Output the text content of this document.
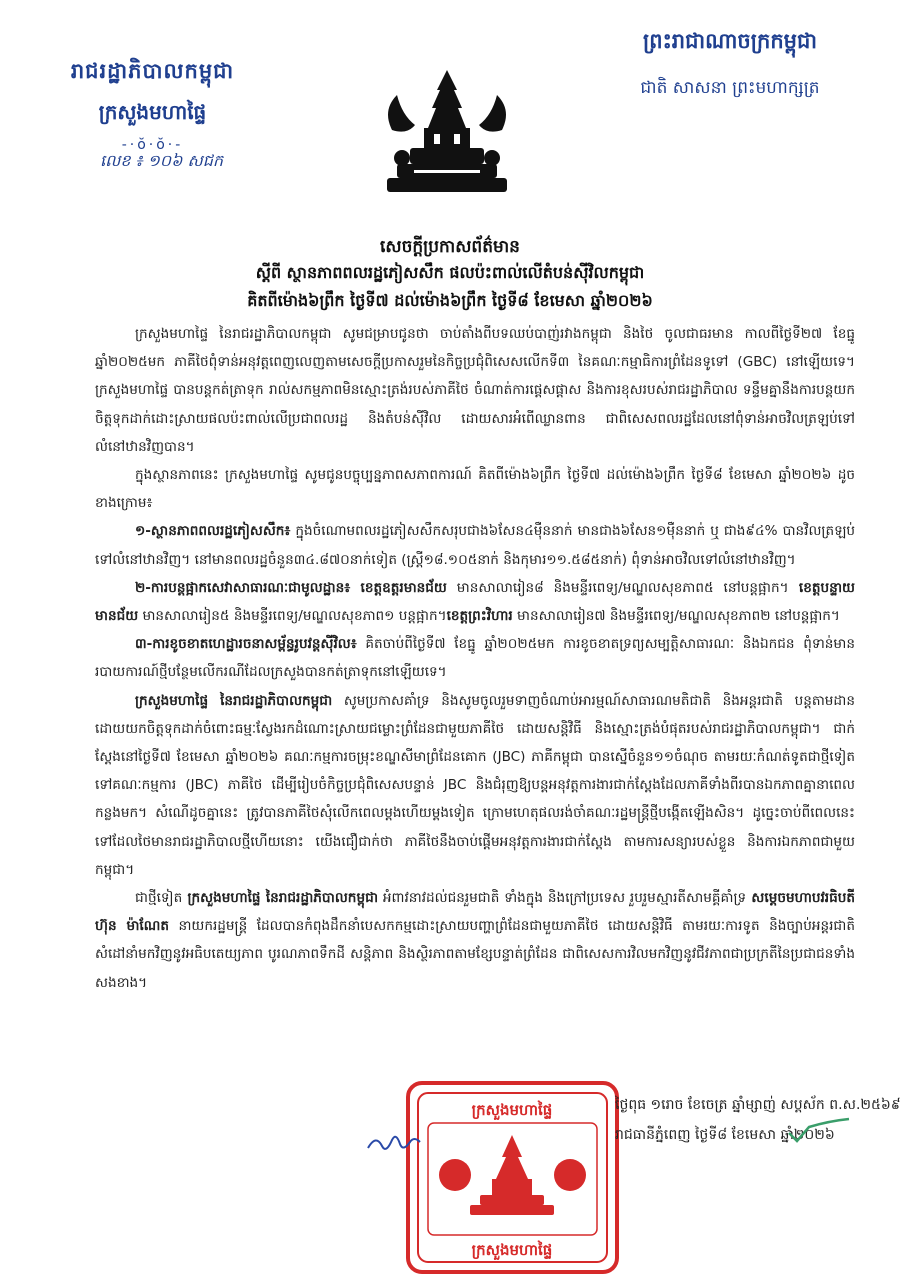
រាជរដ្ឋាភិបាលកម្ពុជា
ក្រសួងមហាផ្ទៃ
-·ŏ·ŏ·-
លេខ ៖ ១០៦ សជក
ព្រះរាជាណាចក្រកម្ពុជា
ជាតិ សាសនា ព្រះមហាក្សត្រ
សេចក្តីប្រកាសព័ត៌មាន
ស្តីពី ស្ថានភាពពលរដ្ឋភៀសសឹក ផលប៉ះពាល់លើតំបន់ស៊ីវិលកម្ពុជា
គិតពីម៉ោង៦ព្រឹក ថ្ងៃទី៧ ដល់ម៉ោង៦ព្រឹក ថ្ងៃទី៨ ខែមេសា ឆ្នាំ២០២៦

ក្រសួងមហាផ្ទៃ នៃរាជរដ្ឋាភិបាលកម្ពុជា សូមជម្រាបជូនថា ចាប់តាំងពីបទឈប់បាញ់រវាងកម្ពុជា និងថៃ ចូលជាធរមាន កាលពីថ្ងៃទី២៧ ខែធ្នូ ឆ្នាំ២០២៥មក ភាគីថៃពុំទាន់អនុវត្តពេញលេញតាមសេចក្តីប្រកាសរួមនៃកិច្ចប្រជុំពិសេសលើកទី៣ នៃគណៈកម្មាធិការព្រំដែនទូទៅ (GBC) នៅឡើយទេ។ ក្រសួងមហាផ្ទៃ បានបន្តកត់ត្រាទុក រាល់សកម្មភាពមិនស្មោះត្រង់របស់ភាគីថៃ ចំណាត់ការផ្តេសផ្តាស និងការខុសរបស់រាជរដ្ឋាភិបាល ទន្ទឹមគ្នានឹងការបន្តយកចិត្តទុកដាក់ដោះស្រាយផលប៉ះពាល់លើប្រជាពលរដ្ឋ និងតំបន់ស៊ីវិល ដោយសារអំពើឈ្លានពាន ជាពិសេសពលរដ្ឋដែលនៅពុំទាន់អាចវិលត្រឡប់ទៅលំនៅឋានវិញបាន។

ក្នុងស្ថានភាពនេះ ក្រសួងមហាផ្ទៃ សូមជូនបច្ចុប្បន្នភាពសភាពការណ៍ គិតពីម៉ោង៦ព្រឹក ថ្ងៃទី៧ ដល់ម៉ោង៦ព្រឹក ថ្ងៃទី៨ ខែមេសា ឆ្នាំ២០២៦ ដូចខាងក្រោម៖

១-ស្ថានភាពពលរដ្ឋភៀសសឹក៖ ក្នុងចំណោមពលរដ្ឋភៀសសឹកសរុបជាង៦សែន៤ម៉ឺននាក់ មានជាង៦សែន១ម៉ឺននាក់ ឬ ជាង៩៤% បានវិលត្រឡប់ទៅលំនៅឋានវិញ។ នៅមានពលរដ្ឋចំនួន៣៤.៨៧០នាក់ទៀត (ស្ត្រី១៨.១០៥នាក់ និងកុមារ១១.៥៨៥នាក់) ពុំទាន់អាចវិលទៅលំនៅឋានវិញ។

២-ការបន្តផ្អាកសេវាសាធារណៈជាមូលដ្ឋាន៖ ខេត្តឧត្តរមានជ័យ មានសាលារៀន៨ និងមន្ទីរពេទ្យ/មណ្ឌលសុខភាព៥ នៅបន្តផ្អាក។ ខេត្តបន្ទាយមានជ័យ មានសាលារៀន៥ និងមន្ទីរពេទ្យ/មណ្ឌលសុខភាព១ បន្តផ្អាក។ខេត្តព្រះវិហារ មានសាលារៀន៧ និងមន្ទីរពេទ្យ/មណ្ឌលសុខភាព២ នៅបន្តផ្អាក។

៣-ការខូចខាតហេដ្ឋារចនាសម្ព័ន្ធរូបវន្តស៊ីវិល៖ គិតចាប់ពីថ្ងៃទី៧ ខែធ្នូ ឆ្នាំ២០២៥មក ការខូចខាតទ្រព្យសម្បត្តិសាធារណៈ និងឯកជន ពុំទាន់មានរបាយការណ៍ថ្មីបន្ថែមលើករណីដែលក្រសួងបានកត់ត្រាទុកនៅឡើយទេ។

ក្រសួងមហាផ្ទៃ នៃរាជរដ្ឋាភិបាលកម្ពុជា សូមប្រកាសគាំទ្រ និងសូមចូលរួមទាញចំណាប់អារម្មណ៍សាធារណមតិជាតិ និងអន្តរជាតិ បន្តតាមដានដោយយកចិត្តទុកដាក់ចំពោះធម្មៈស្វែងរកដំណោះស្រាយជម្លោះព្រំដែនជាមួយភាគីថៃ ដោយសន្តិវិធី និងស្មោះត្រង់បំផុតរបស់រាជរដ្ឋាភិបាលកម្ពុជា។ ជាក់ស្តែងនៅថ្ងៃទី៧ ខែមេសា ឆ្នាំ២០២៦ គណៈកម្មការចម្រុះខណ្ឌសីមាព្រំដែនគោក (JBC) ភាគីកម្ពុជា បានស្នើចំនួន១១ចំណុច តាមរយៈកំណត់ទូតជាថ្មីទៀតទៅគណៈកម្មការ (JBC) ភាគីថៃ ដើម្បីរៀបចំកិច្ចប្រជុំពិសេសបន្ទាន់ JBC និងជំរុញឱ្យបន្តអនុវត្តការងារជាក់ស្តែងដែលភាគីទាំងពីរបានឯកភាពគ្នានាពេលកន្លងមក។ សំណើដូចគ្នានេះ ត្រូវបានភាគីថៃសុំលើកពេលម្តងហើយម្តងទៀត ក្រោមហេតុផលរង់ចាំគណៈរដ្ឋមន្ត្រីថ្មីបង្កើតឡើងសិន។ ដូច្នេះចាប់ពីពេលនេះទៅដែលថៃមានរាជរដ្ឋាភិបាលថ្មីហើយនោះ យើងជឿជាក់ថា ភាគីថៃនឹងចាប់ផ្តើមអនុវត្តការងារជាក់ស្តែង តាមការសន្យារបស់ខ្លួន និងការឯកភាពជាមួយកម្ពុជា។

ជាថ្មីទៀត ក្រសួងមហាផ្ទៃ នៃរាជរដ្ឋាភិបាលកម្ពុជា អំពាវនាវដល់ជនរួមជាតិ ទាំងក្នុង និងក្រៅប្រទេស រួបរួមស្មារតីសាមគ្គីគាំទ្រ សម្តេចមហាបវរធិបតី ហ៊ុន ម៉ាណែត នាយករដ្ឋមន្ត្រី ដែលបានកំពុងដឹកនាំបេសកកម្មដោះស្រាយបញ្ហាព្រំដែនជាមួយភាគីថៃ ដោយសន្តិវិធី តាមរយៈការទូត និងច្បាប់អន្តរជាតិ សំដៅនាំមកវិញនូវអធិបតេយ្យភាព បូរណភាពទឹកដី សន្តិភាព និងស្ថិរភាពតាមខ្សែបន្ទាត់ព្រំដែន ជាពិសេសការវិលមកវិញនូវជីវភាពជាប្រក្រតីនៃប្រជាជនទាំងសងខាង។

ក្រសួងមហាផ្ទៃ
ក្រសួងមហាផ្ទៃ
ថ្ងៃពុធ ១រោច ខែចេត្រ ឆ្នាំម្សាញ់ សប្តស័ក ព.ស.២៥៦៩
រាជធានីភ្នំពេញ ថ្ងៃទី៨ ខែមេសា ឆ្នាំ២០២៦
